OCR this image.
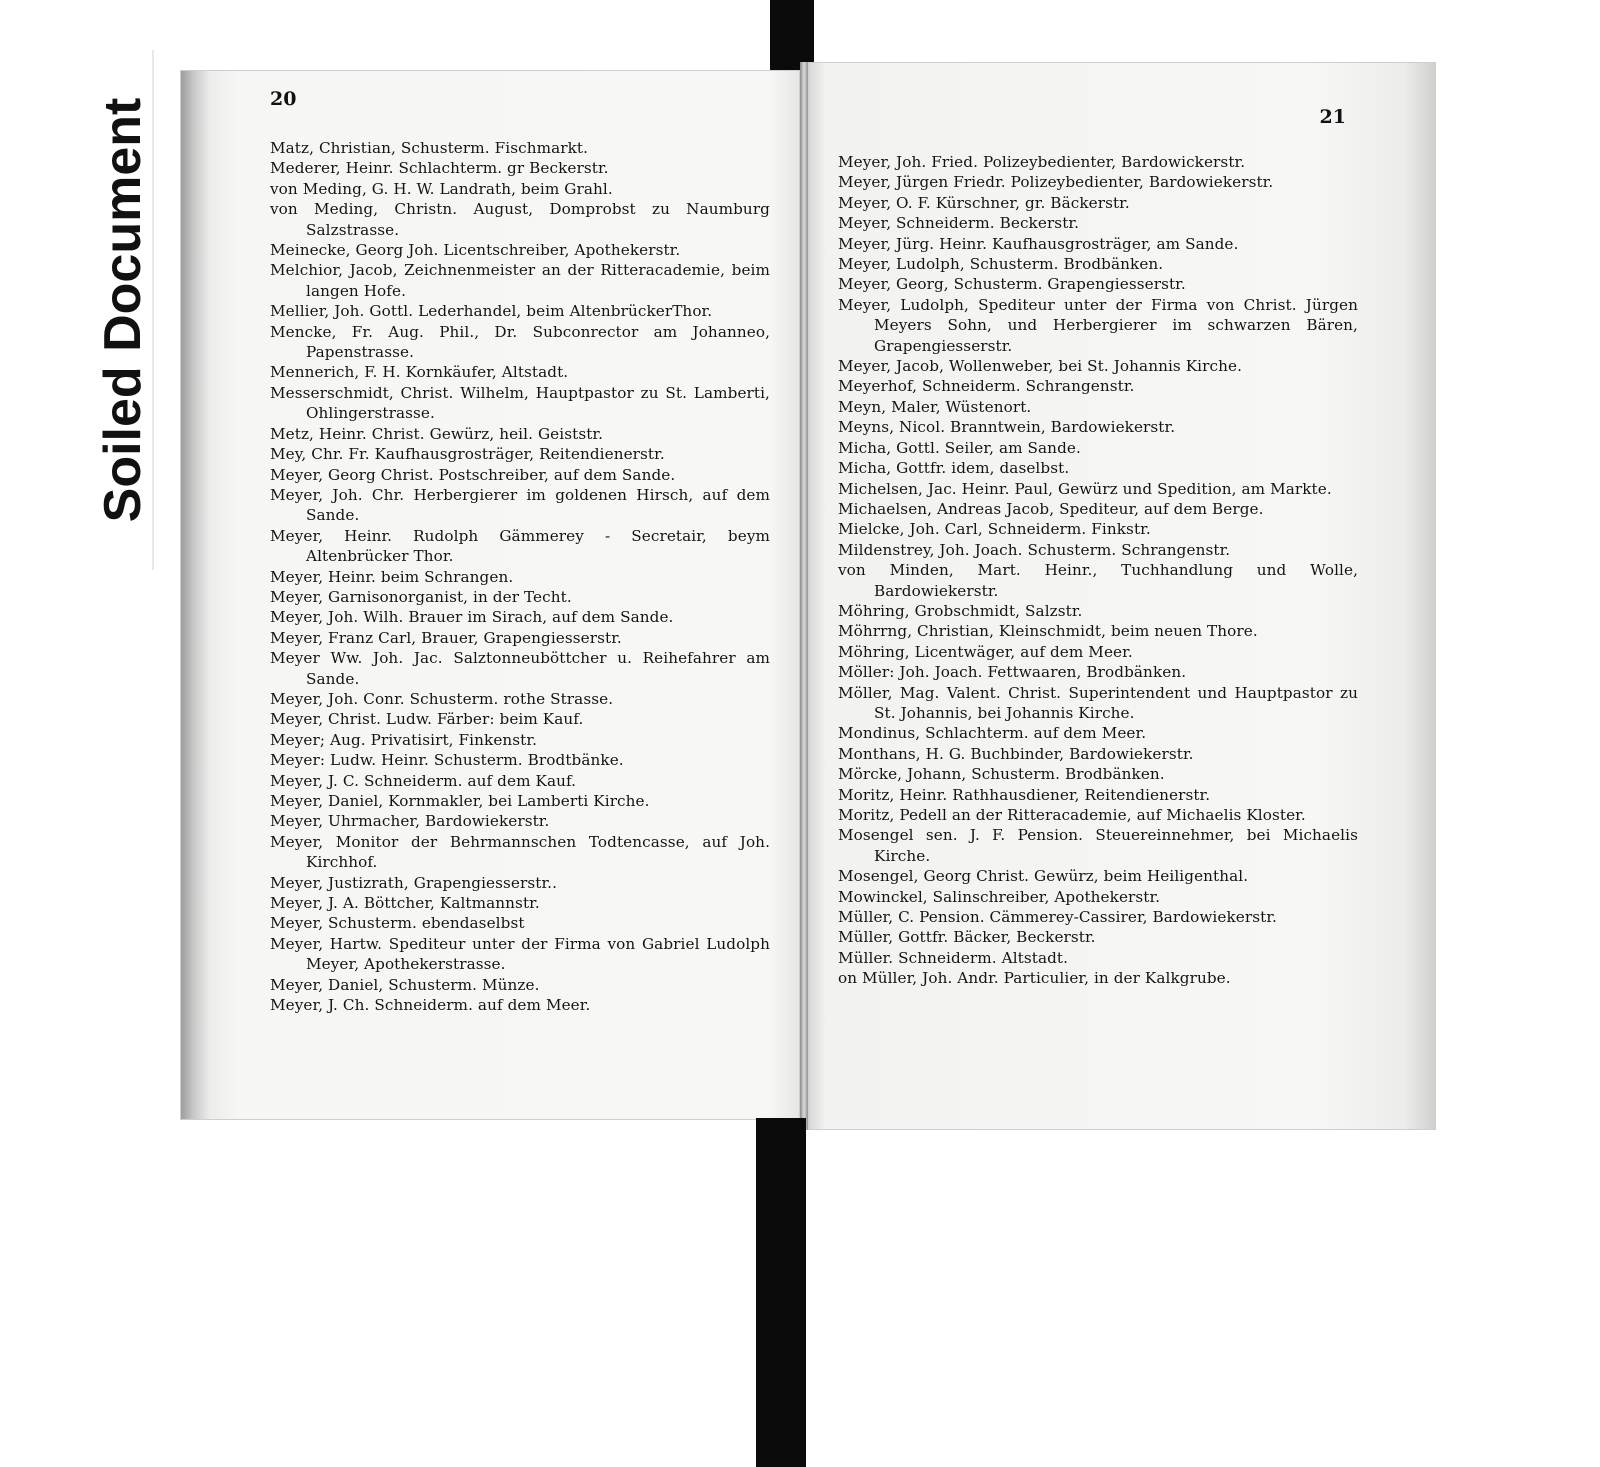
Soiled Document	20
Matz, Christian, Schusterm. Fischmarkt.
Mederer, Heinr. Schlachterm. gr Beckerstr.
von Meding, G. H. W. Landrath, beim Grahl.
von Meding, Christn. August, Domprobst zu Naumburg Salzstrasse.
Meinecke, Georg Joh. Licentschreiber, Apothekerstr.
Melchior, Jacob, Zeichnenmeister an der Ritteracademie, beim langen Hofe.
Mellier, Joh. Gottl. Lederhandel, beim AltenbrückerThor.
Mencke, Fr. Aug. Phil., Dr. Subconrector am Johanneo, Papenstrasse.
Mennerich, F. H. Kornkäufer, Altstadt.
Messerschmidt, Christ. Wilhelm, Hauptpastor zu St. Lamberti, Ohlingerstrasse.
Metz, Heinr. Christ. Gewürz, heil. Geiststr.
Mey, Chr. Fr. Kaufhausgrosträger, Reitendienerstr.
Meyer, Georg Christ. Postschreiber, auf dem Sande.
Meyer, Joh. Chr. Herbergierer im goldenen Hirsch, auf dem Sande.
Meyer, Heinr. Rudolph Gämmerey - Secretair, beym Altenbrücker Thor.
Meyer, Heinr. beim Schrangen.
Meyer, Garnisonorganist, in der Techt.
Meyer, Joh. Wilh. Brauer im Sirach, auf dem Sande.
Meyer, Franz Carl, Brauer, Grapengiesserstr.
Meyer Ww. Joh. Jac. Salztonneuböttcher u. Reihefahrer am Sande.
Meyer, Joh. Conr. Schusterm. rothe Strasse.
Meyer, Christ. Ludw. Färber: beim Kauf.
Meyer; Aug. Privatisirt, Finkenstr.
Meyer: Ludw. Heinr. Schusterm. Brodtbänke.
Meyer, J. C. Schneiderm. auf dem Kauf.
Meyer, Daniel, Kornmakler, bei Lamberti Kirche.
Meyer, Uhrmacher, Bardowiekerstr.
Meyer, Monitor der Behrmannschen Todtencasse, auf Joh. Kirchhof.
Meyer, Justizrath, Grapengiesserstr..
Meyer, J. A. Böttcher, Kaltmannstr.
Meyer, Schusterm. ebendaselbst
Meyer, Hartw. Spediteur unter der Firma von Gabriel Ludolph Meyer, Apothekerstrasse.
Meyer, Daniel, Schusterm. Münze.
Meyer, J. Ch. Schneiderm. auf dem Meer.
21
Meyer, Joh. Fried. Polizeybedienter, Bardowickerstr.
Meyer, Jürgen Friedr. Polizeybedienter, Bardowiekerstr.
Meyer, O. F. Kürschner, gr. Bäckerstr.
Meyer, Schneiderm. Beckerstr.
Meyer, Jürg. Heinr. Kaufhausgrosträger, am Sande.
Meyer, Ludolph, Schusterm. Brodbänken.
Meyer, Georg, Schusterm. Grapengiesserstr.
Meyer, Ludolph, Spediteur unter der Firma von Christ. Jürgen Meyers Sohn, und Herbergierer im schwarzen Bären, Grapengiesserstr.
Meyer, Jacob, Wollenweber, bei St. Johannis Kirche.
Meyerhof, Schneiderm. Schrangenstr.
Meyn, Maler, Wüstenort.
Meyns, Nicol. Branntwein, Bardowiekerstr.
Micha, Gottl. Seiler, am Sande.
Micha, Gottfr. idem, daselbst.
Michelsen, Jac. Heinr. Paul, Gewürz und Spedition, am Markte.
Michaelsen, Andreas Jacob, Spediteur, auf dem Berge.
Mielcke, Joh. Carl, Schneiderm. Finkstr.
Mildenstrey, Joh. Joach. Schusterm. Schrangenstr.
von Minden, Mart. Heinr., Tuchhandlung und Wolle, Bardowiekerstr.
Möhring, Grobschmidt, Salzstr.
Möhrrng, Christian, Kleinschmidt, beim neuen Thore.
Möhring, Licentwäger, auf dem Meer.
Möller: Joh. Joach. Fettwaaren, Brodbänken.
Möller, Mag. Valent. Christ. Superintendent und Hauptpastor zu St. Johannis, bei Johannis Kirche.
Mondinus, Schlachterm. auf dem Meer.
Monthans, H. G. Buchbinder, Bardowiekerstr.
Mörcke, Johann, Schusterm. Brodbänken.
Moritz, Heinr. Rathhausdiener, Reitendienerstr.
Moritz, Pedell an der Ritteracademie, auf Michaelis Kloster.
Mosengel sen. J. F. Pension. Steuereinnehmer, bei Michaelis Kirche.
Mosengel, Georg Christ. Gewürz, beim Heiligenthal.
Mowinckel, Salinschreiber, Apothekerstr.
Müller, C. Pension. Cämmerey-Cassirer, Bardowiekerstr.
Müller, Gottfr. Bäcker, Beckerstr.
Müller. Schneiderm. Altstadt.
on Müller, Joh. Andr. Particulier, in der Kalkgrube.
